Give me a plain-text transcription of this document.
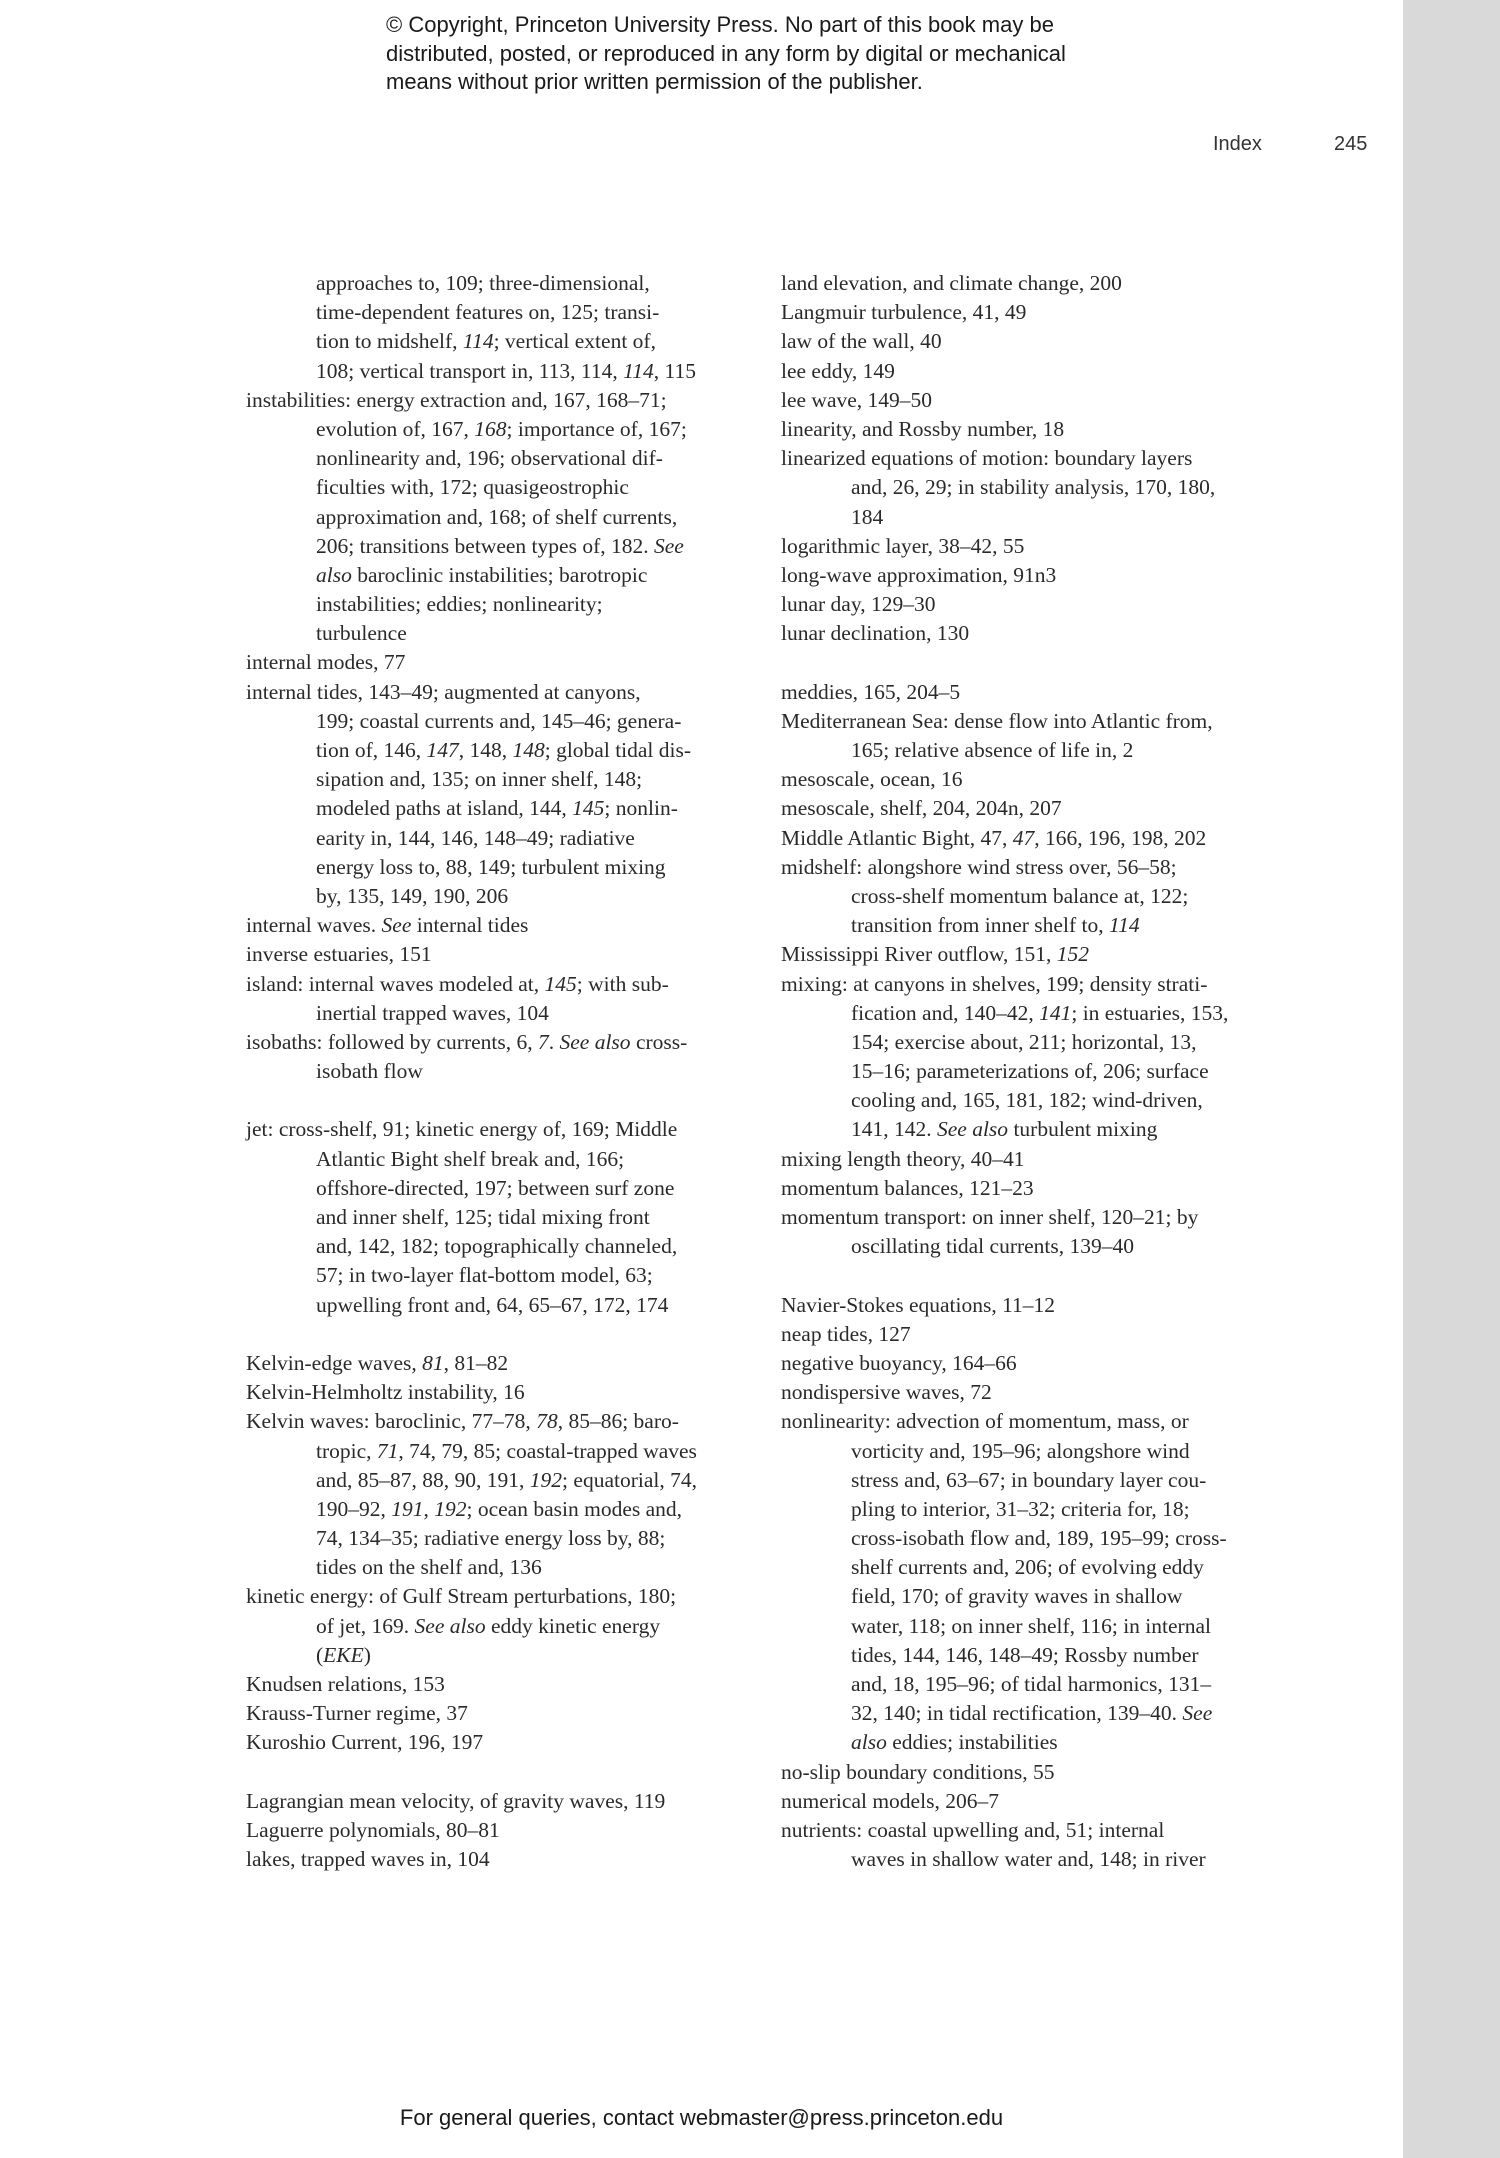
© Copyright, Princeton University Press. No part of this book may be
distributed, posted, or reproduced in any form by digital or mechanical
means without prior written permission of the publisher.
Index	245
approaches to, 109; three-dimensional,
time-dependent features on, 125; transi-
tion to midshelf, 114; vertical extent of,
108; vertical transport in, 113, 114, 114, 115
instabilities: energy extraction and, 167, 168–71;
evolution of, 167, 168; importance of, 167;
nonlinearity and, 196; observational dif-
ficulties with, 172; quasigeostrophic
approximation and, 168; of shelf currents,
206; transitions between types of, 182. See
also baroclinic instabilities; barotropic
instabilities; eddies; nonlinearity;
turbulence
internal modes, 77
internal tides, 143–49; augmented at canyons,
199; coastal currents and, 145–46; genera-
tion of, 146, 147, 148, 148; global tidal dis-
sipation and, 135; on inner shelf, 148;
modeled paths at island, 144, 145; nonlin-
earity in, 144, 146, 148–49; radiative
energy loss to, 88, 149; turbulent mixing
by, 135, 149, 190, 206
internal waves. See internal tides
inverse estuaries, 151
island: internal waves modeled at, 145; with sub-
inertial trapped waves, 104
isobaths: followed by currents, 6, 7. See also cross-
isobath flow
jet: cross-shelf, 91; kinetic energy of, 169; Middle
Atlantic Bight shelf break and, 166;
offshore-directed, 197; between surf zone
and inner shelf, 125; tidal mixing front
and, 142, 182; topographically channeled,
57; in two-layer flat-bottom model, 63;
upwelling front and, 64, 65–67, 172, 174
Kelvin-edge waves, 81, 81–82
Kelvin-Helmholtz instability, 16
Kelvin waves: baroclinic, 77–78, 78, 85–86; baro-
tropic, 71, 74, 79, 85; coastal-trapped waves
and, 85–87, 88, 90, 191, 192; equatorial, 74,
190–92, 191, 192; ocean basin modes and,
74, 134–35; radiative energy loss by, 88;
tides on the shelf and, 136
kinetic energy: of Gulf Stream perturbations, 180;
of jet, 169. See also eddy kinetic energy
(EKE)
Knudsen relations, 153
Krauss-Turner regime, 37
Kuroshio Current, 196, 197
Lagrangian mean velocity, of gravity waves, 119
Laguerre polynomials, 80–81
lakes, trapped waves in, 104
land elevation, and climate change, 200
Langmuir turbulence, 41, 49
law of the wall, 40
lee eddy, 149
lee wave, 149–50
linearity, and Rossby number, 18
linearized equations of motion: boundary layers
and, 26, 29; in stability analysis, 170, 180,
184
logarithmic layer, 38–42, 55
long-wave approximation, 91n3
lunar day, 129–30
lunar declination, 130
meddies, 165, 204–5
Mediterranean Sea: dense flow into Atlantic from,
165; relative absence of life in, 2
mesoscale, ocean, 16
mesoscale, shelf, 204, 204n, 207
Middle Atlantic Bight, 47, 47, 166, 196, 198, 202
midshelf: alongshore wind stress over, 56–58;
cross-shelf momentum balance at, 122;
transition from inner shelf to, 114
Mississippi River outflow, 151, 152
mixing: at canyons in shelves, 199; density strati-
fication and, 140–42, 141; in estuaries, 153,
154; exercise about, 211; horizontal, 13,
15–16; parameterizations of, 206; surface
cooling and, 165, 181, 182; wind-driven,
141, 142. See also turbulent mixing
mixing length theory, 40–41
momentum balances, 121–23
momentum transport: on inner shelf, 120–21; by
oscillating tidal currents, 139–40
Navier-Stokes equations, 11–12
neap tides, 127
negative buoyancy, 164–66
nondispersive waves, 72
nonlinearity: advection of momentum, mass, or
vorticity and, 195–96; alongshore wind
stress and, 63–67; in boundary layer cou-
pling to interior, 31–32; criteria for, 18;
cross-isobath flow and, 189, 195–99; cross-
shelf currents and, 206; of evolving eddy
field, 170; of gravity waves in shallow
water, 118; on inner shelf, 116; in internal
tides, 144, 146, 148–49; Rossby number
and, 18, 195–96; of tidal harmonics, 131–
32, 140; in tidal rectification, 139–40. See
also eddies; instabilities
no-slip boundary conditions, 55
numerical models, 206–7
nutrients: coastal upwelling and, 51; internal
waves in shallow water and, 148; in river
For general queries, contact webmaster@press.princeton.edu
